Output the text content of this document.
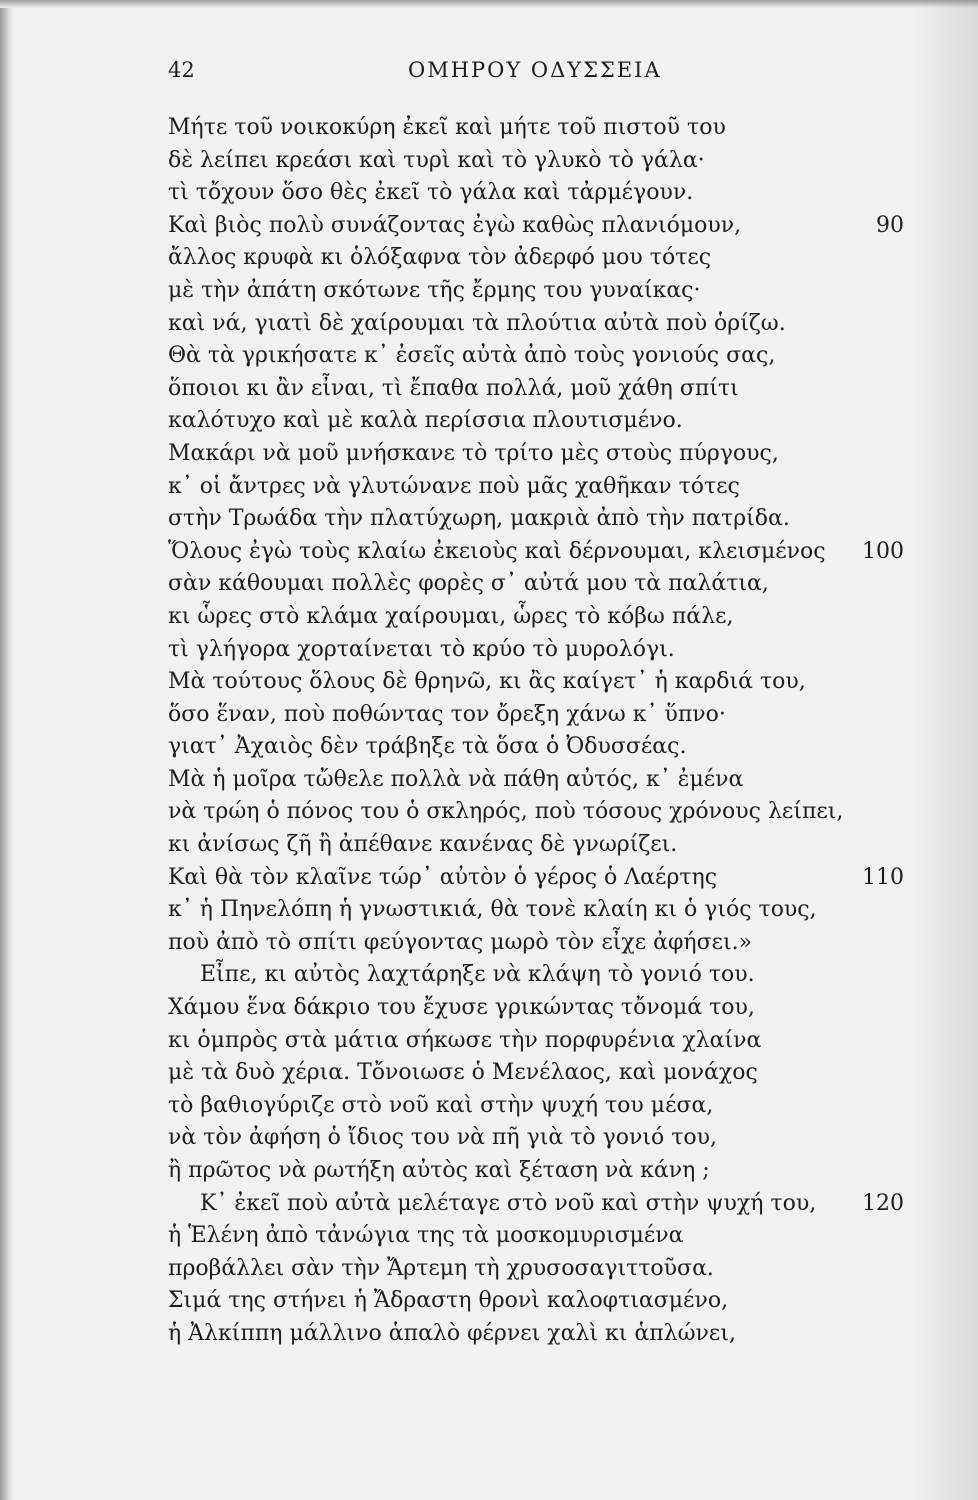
42	ΟΜΗΡΟΥ ΟΔΥΣΣΕΙΑ
Μήτε τοῦ νοικοκύρη ἐκεῖ καὶ μήτε τοῦ πιστοῦ του
δὲ λείπει κρεάσι καὶ τυρὶ καὶ τὸ γλυκὸ τὸ γάλα·
τὶ τὄχουν ὅσο θὲς ἐκεῖ τὸ γάλα καὶ τἀρμέγουν.
Καὶ βιὸς πολὺ συνάζοντας ἐγὼ καθὼς πλανιόμουν,	90
ἄλλος κρυφὰ κι ὁλόξαφνα τὸν ἀδερφό μου τότες
μὲ τὴν ἀπάτη σκότωνε τῆς ἔρμης του γυναίκας·
καὶ νά, γιατὶ δὲ χαίρουμαι τὰ πλούτια αὐτὰ ποὺ ὁρίζω.
Θὰ τὰ γρικήσατε κ᾽ ἐσεῖς αὐτὰ ἀπὸ τοὺς γονιούς σας,
ὅποιοι κι ἂν εἶναι, τὶ ἔπαθα πολλά, μοῦ χάθη σπίτι
καλότυχο καὶ μὲ καλὰ περίσσια πλουτισμένο.
Μακάρι νὰ μοῦ μνήσκανε τὸ τρίτο μὲς στοὺς πύργους,
κ᾽ οἱ ἄντρες νὰ γλυτώνανε ποὺ μᾶς χαθῆκαν τότες
στὴν Τρωάδα τὴν πλατύχωρη, μακριὰ ἀπὸ τὴν πατρίδα.
Ὅλους ἐγὼ τοὺς κλαίω ἐκειοὺς καὶ δέρνουμαι, κλεισμένος 100
σὰν κάθουμαι πολλὲς φορὲς σ᾽ αὐτά μου τὰ παλάτια,
κι ὧρες στὸ κλάμα χαίρουμαι, ὧρες τὸ κόβω πάλε,
τὶ γλήγορα χορταίνεται τὸ κρύο τὸ μυρολόγι.
Μὰ τούτους ὅλους δὲ θρηνῶ, κι ἂς καίγετ᾽ ἡ καρδιά του,
ὅσο ἕναν, ποὺ ποθώντας τον ὄρεξη χάνω κ᾽ ὕπνο·
γιατ᾽ Ἀχαιὸς δὲν τράβηξε τὰ ὅσα ὁ Ὀδυσσέας.
Μὰ ἡ μοῖρα τὤθελε πολλὰ νὰ πάθη αὐτός, κ᾽ ἐμένα
νὰ τρώη ὁ πόνος του ὁ σκληρός, ποὺ τόσους χρόνους λείπει,
κι ἀνίσως ζῆ ἢ ἀπέθανε κανένας δὲ γνωρίζει.
Καὶ θὰ τὸν κλαῖνε τώρ᾽ αὐτὸν ὁ γέρος ὁ Λαέρτης	110
κ᾽ ἡ Πηνελόπη ἡ γνωστικιά, θὰ τονὲ κλαίη κι ὁ γιός τους,
ποὺ ἀπὸ τὸ σπίτι φεύγοντας μωρὸ τὸν εἶχε ἀφήσει.»
Εἶπε, κι αὐτὸς λαχτάρηξε νὰ κλάψη τὸ γονιό του.
Χάμου ἕνα δάκριο του ἔχυσε γρικώντας τὄνομά του,
κι ὁμπρὸς στὰ μάτια σήκωσε τὴν πορφυρένια χλαίνα
μὲ τὰ δυὸ χέρια. Τὄνοιωσε ὁ Μενέλαος, καὶ μονάχος
τὸ βαθιογύριζε στὸ νοῦ καὶ στὴν ψυχή του μέσα,
νὰ τὸν ἀφήση ὁ ἴδιος του νὰ πῆ γιὰ τὸ γονιό του,
ἢ πρῶτος νὰ ρωτήξη αὐτὸς καὶ ξέταση νὰ κάνη ;
Κ᾽ ἐκεῖ ποὺ αὐτὰ μελέταγε στὸ νοῦ καὶ στὴν ψυχή του, 120
ἡ Ἑλένη ἀπὸ τἀνώγια της τὰ μοσκομυρισμένα
προβάλλει σὰν τὴν Ἄρτεμη τὴ χρυσοσαγιττοῦσα.
Σιμά της στήνει ἡ Ἄδραστη θρονὶ καλοφτιασμένο,
ἡ Ἀλκίππη μάλλινο ἁπαλὸ φέρνει χαλὶ κι ἁπλώνει,
